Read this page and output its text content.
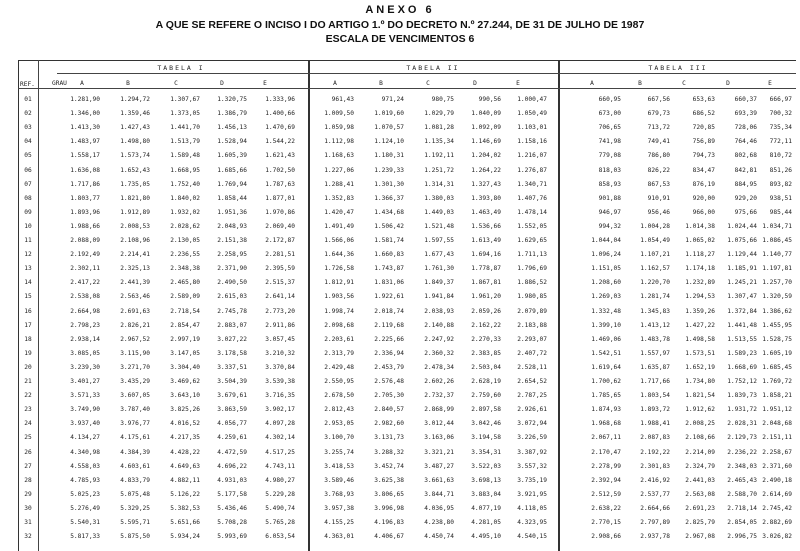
ANEXO 6
A QUE SE REFERE O INCISO I DO ARTIGO 1.º DO DECRETO N.º 27.244, DE 31 DE JULHO DE 1987
ESCALA DE VENCIMENTOS 6
REF.	GRAU
TABELA I
A	B	C	D	E
TABELA II
A	B	C	D	E
TABELA III
A	B	C	D	E
01	1.281,90	1.294,72	1.307,67	1.320,75	1.333,96	961,43	971,24	980,75	990,56	1.000,47	660,95	667,56	653,63	660,37	666,97
02	1.346,00	1.359,46	1.373,05	1.386,79	1.400,66	1.009,50	1.019,60	1.029,79	1.040,09	1.050,49	673,00	679,73	686,52	693,39	700,32
03	1.413,30	1.427,43	1.441,70	1.456,13	1.470,69	1.059,98	1.070,57	1.081,28	1.092,09	1.103,01	706,65	713,72	720,85	728,06	735,34
04	1.483,97	1.498,80	1.513,79	1.528,94	1.544,22	1.112,98	1.124,10	1.135,34	1.146,69	1.158,16	741,98	749,41	756,89	764,46	772,11
05	1.558,17	1.573,74	1.589,48	1.605,39	1.621,43	1.168,63	1.180,31	1.192,11	1.204,02	1.216,07	779,08	786,80	794,73	802,68	810,72
06	1.636,08	1.652,43	1.668,95	1.685,66	1.702,50	1.227,06	1.239,33	1.251,72	1.264,22	1.276,87	818,03	826,22	834,47	842,81	851,26
07	1.717,86	1.735,05	1.752,40	1.769,94	1.787,63	1.288,41	1.301,30	1.314,31	1.327,43	1.340,71	858,93	867,53	876,19	884,95	893,82
08	1.803,77	1.821,80	1.840,02	1.858,44	1.877,01	1.352,83	1.366,37	1.380,03	1.393,80	1.407,76	901,88	910,91	920,00	929,20	938,51
09	1.893,96	1.912,89	1.932,02	1.951,36	1.970,86	1.420,47	1.434,68	1.449,03	1.463,49	1.478,14	946,97	956,46	966,00	975,66	985,44
10	1.988,66	2.008,53	2.028,62	2.048,93	2.069,40	1.491,49	1.506,42	1.521,48	1.536,66	1.552,05	994,32	1.004,28	1.014,38	1.024,44 1.034,71
11	2.088,09	2.108,96	2.130,05	2.151,38	2.172,87	1.566,06	1.581,74	1.597,55	1.613,49	1.629,65	1.044,04	1.054,49	1.065,02	1.075,66 1.086,45
12	2.192,49	2.214,41	2.236,55	2.258,95	2.281,51	1.644,36	1.660,83	1.677,43	1.694,16	1.711,13	1.096,24	1.107,21	1.118,27	1.129,44 1.140,77
13	2.302,11	2.325,13	2.348,38	2.371,90	2.395,59	1.726,58	1.743,87	1.761,30	1.778,87	1.796,69	1.151,05	1.162,57	1.174,18	1.185,91 1.197,81
14	2.417,22	2.441,39	2.465,80	2.490,50	2.515,37	1.812,91	1.831,06	1.849,37	1.867,81	1.886,52	1.208,60	1.220,70	1.232,89	1.245,21 1.257,70
15	2.538,08	2.563,46	2.589,09	2.615,03	2.641,14	1.903,56	1.922,61	1.941,84	1.961,20	1.980,85	1.269,03	1.281,74	1.294,53	1.307,47 1.320,59
16	2.664,98	2.691,63	2.718,54	2.745,78	2.773,20	1.998,74	2.018,74	2.038,93	2.059,26	2.079,89	1.332,48	1.345,83	1.359,26	1.372,84 1.386,62
17	2.798,23	2.826,21	2.854,47	2.883,07	2.911,86	2.098,68	2.119,68	2.140,88	2.162,22	2.183,88	1.399,10	1.413,12	1.427,22	1.441,48 1.455,95
18	2.938,14	2.967,52	2.997,19	3.027,22	3.057,45	2.203,61	2.225,66	2.247,92	2.270,33	2.293,07	1.469,06	1.483,78	1.498,58	1.513,55 1.528,75
19	3.085,05	3.115,90	3.147,05	3.178,58	3.210,32	2.313,79	2.336,94	2.360,32	2.383,85	2.407,72	1.542,51	1.557,97	1.573,51	1.589,23 1.605,19
20	3.239,30	3.271,70	3.304,40	3.337,51	3.370,84	2.429,48	2.453,79	2.478,34	2.503,04	2.528,11	1.619,64	1.635,87	1.652,19	1.668,69 1.685,45
21	3.401,27	3.435,29	3.469,62	3.504,39	3.539,38	2.550,95	2.576,48	2.602,26	2.628,19	2.654,52	1.700,62	1.717,66	1.734,80	1.752,12 1.769,72
22	3.571,33	3.607,05	3.643,10	3.679,61	3.716,35	2.678,50	2.705,30	2.732,37	2.759,60	2.787,25	1.785,65	1.803,54	1.821,54	1.839,73 1.858,21
23	3.749,90	3.787,40	3.825,26	3.863,59	3.902,17	2.812,43	2.840,57	2.868,99	2.897,58	2.926,61	1.874,93	1.893,72	1.912,62	1.931,72 1.951,12
24	3.937,40	3.976,77	4.016,52	4.056,77	4.097,28	2.953,05	2.982,60	3.012,44	3.042,46	3.072,94	1.968,68	1.988,41	2.008,25	2.028,31 2.048,68
25	4.134,27	4.175,61	4.217,35	4.259,61	4.302,14	3.100,70	3.131,73	3.163,06	3.194,58	3.226,59	2.067,11	2.087,83	2.108,66	2.129,73 2.151,11
26	4.340,98	4.384,39	4.428,22	4.472,59	4.517,25	3.255,74	3.288,32	3.321,21	3.354,31	3.387,92	2.170,47	2.192,22	2.214,09	2.236,22 2.258,67
27	4.558,03	4.603,61	4.649,63	4.696,22	4.743,11	3.418,53	3.452,74	3.487,27	3.522,03	3.557,32	2.278,99	2.301,83	2.324,79	2.348,03 2.371,60
28	4.785,93	4.833,79	4.882,11	4.931,03	4.980,27	3.589,46	3.625,38	3.661,63	3.698,13	3.735,19	2.392,94	2.416,92	2.441,03	2.465,43 2.490,18
29	5.025,23	5.075,48	5.126,22	5.177,58	5.229,28	3.768,93	3.806,65	3.844,71	3.883,04	3.921,95	2.512,59	2.537,77	2.563,08	2.588,70 2.614,69
30	5.276,49	5.329,25	5.382,53	5.436,46	5.490,74	3.957,38	3.996,98	4.036,95	4.077,19	4.118,05	2.638,22	2.664,66	2.691,23	2.718,14 2.745,42
31	5.540,31	5.595,71	5.651,66	5.708,28	5.765,28	4.155,25	4.196,83	4.238,80	4.281,05	4.323,95	2.770,15	2.797,89	2.825,79	2.854,05 2.882,69
32	5.817,33	5.875,50	5.934,24	5.993,69	6.053,54	4.363,01	4.406,67	4.450,74	4.495,10	4.540,15	2.908,66	2.937,78	2.967,08	2.996,75 3.026,82
